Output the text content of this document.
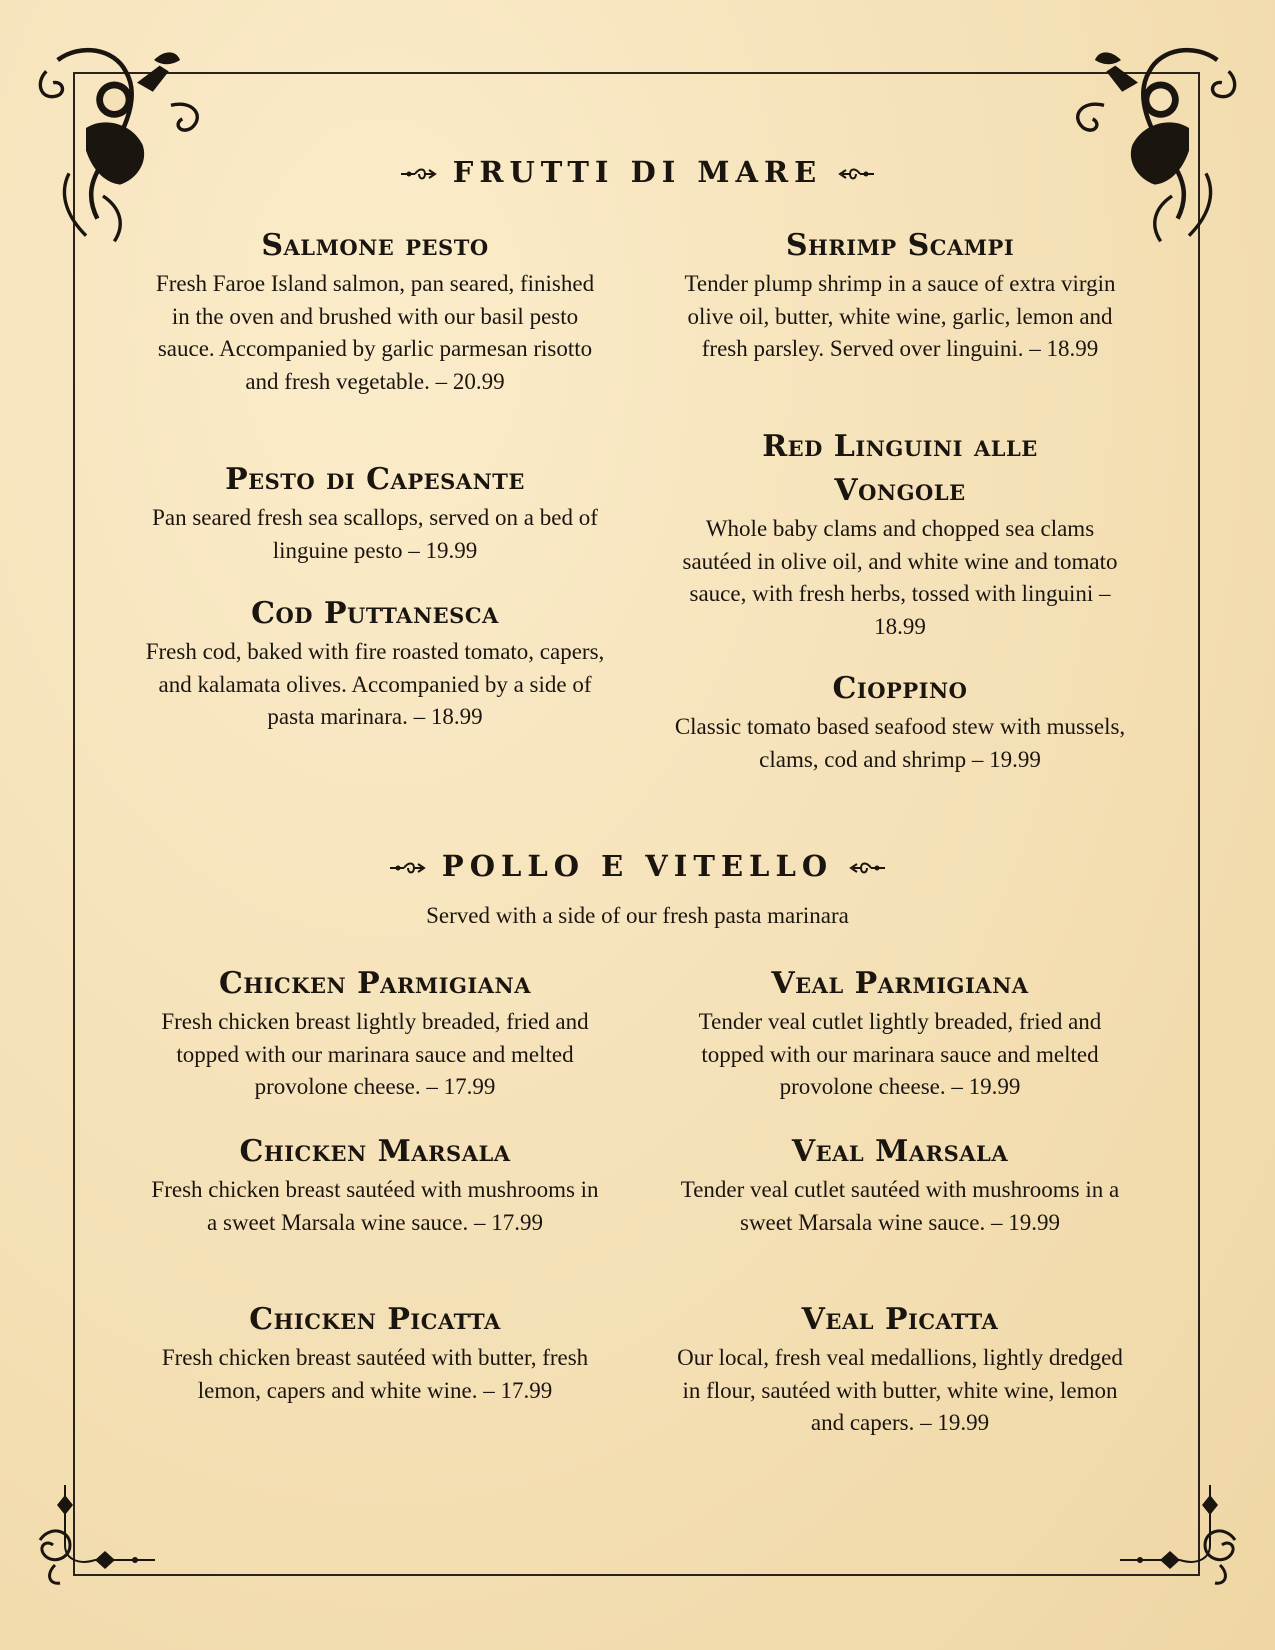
FRUTTI DI MARE
Salmone pesto
Fresh Faroe Island salmon, pan seared, finished in the oven and brushed with our basil pesto sauce. Accompanied by garlic parmesan risotto and fresh vegetable. – 20.99
Shrimp Scampi
Tender plump shrimp in a sauce of extra virgin olive oil, butter, white wine, garlic, lemon and fresh parsley. Served over linguini. – 18.99
Pesto di Capesante
Pan seared fresh sea scallops, served on a bed of linguine pesto – 19.99
Red Linguini alle Vongole
Whole baby clams and chopped sea clams sautéed in olive oil, and white wine and tomato sauce, with fresh herbs, tossed with linguini – 18.99
Cod Puttanesca
Fresh cod, baked with fire roasted tomato, capers, and kalamata olives. Accompanied by a side of pasta marinara. – 18.99
Cioppino
Classic tomato based seafood stew with mussels, clams, cod and shrimp – 19.99
POLLO E VITELLO
Served with a side of our fresh pasta marinara
Chicken Parmigiana
Fresh chicken breast lightly breaded, fried and topped with our marinara sauce and melted provolone cheese. – 17.99
Veal Parmigiana
Tender veal cutlet lightly breaded, fried and topped with our marinara sauce and melted provolone cheese. – 19.99
Chicken Marsala
Fresh chicken breast sautéed with mushrooms in a sweet Marsala wine sauce. – 17.99
Veal Marsala
Tender veal cutlet sautéed with mushrooms in a sweet Marsala wine sauce. – 19.99
Chicken Picatta
Fresh chicken breast sautéed with butter, fresh lemon, capers and white wine. – 17.99
Veal Picatta
Our local, fresh veal medallions, lightly dredged in flour, sautéed with butter, white wine, lemon and capers. – 19.99
